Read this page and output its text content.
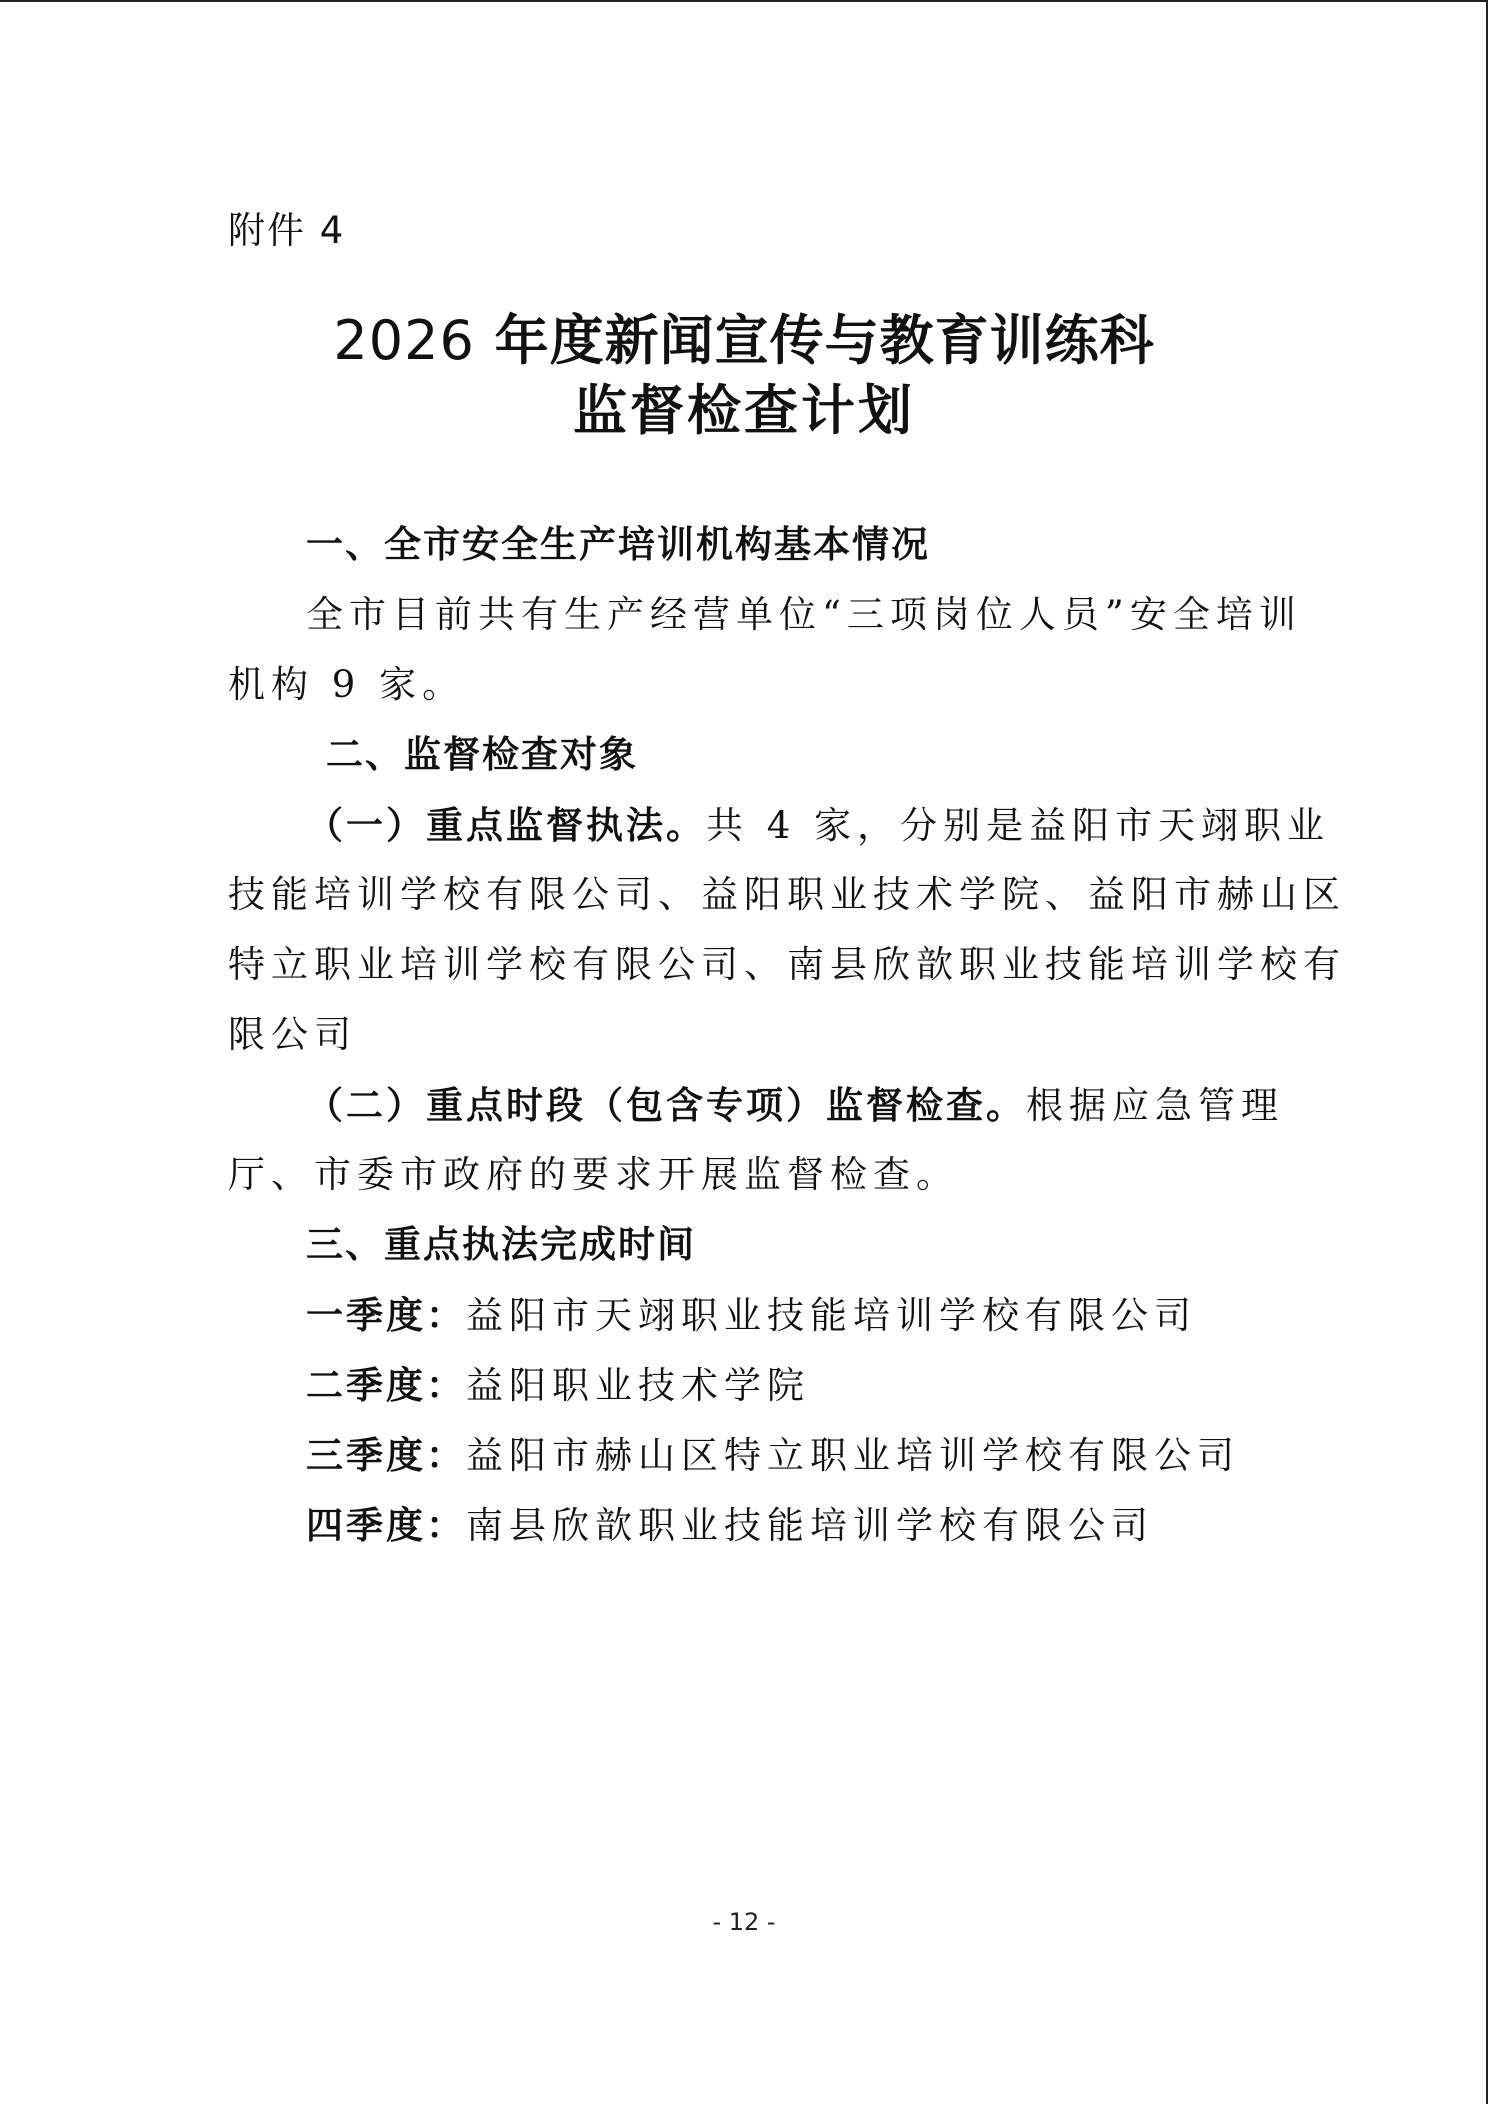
附件 4
2026 年度新闻宣传与教育训练科
监督检查计划
一、全市安全生产培训机构基本情况
全市目前共有生产经营单位“三项岗位人员”安全培训
机构 9 家。
二、监督检查对象
（一）重点监督执法。共 4 家，分别是益阳市天翊职业
技能培训学校有限公司、益阳职业技术学院、益阳市赫山区
特立职业培训学校有限公司、南县欣歆职业技能培训学校有
限公司
（二）重点时段（包含专项）监督检查。根据应急管理
厅、市委市政府的要求开展监督检查。
三、重点执法完成时间
一季度：益阳市天翊职业技能培训学校有限公司
二季度：益阳职业技术学院
三季度：益阳市赫山区特立职业培训学校有限公司
四季度：南县欣歆职业技能培训学校有限公司
- 12 -
